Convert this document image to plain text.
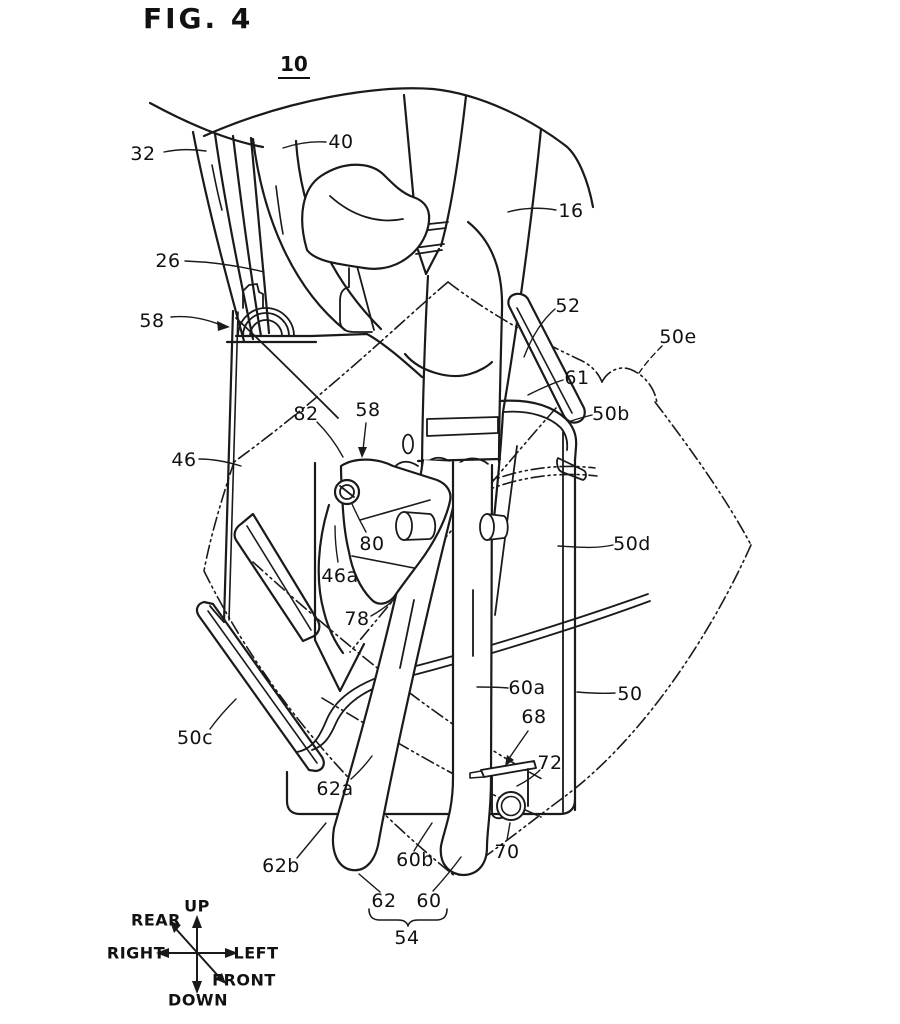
FIG. 4
10
32
40
26
58
16
52
50e
61
50b
82 58
46
80
46a
78
50d
60a	50
68
72
50c
62a
62b	60b	70
62 60
54
UP
DOWN
RIGHT	LEFT
REAR
FRONT
